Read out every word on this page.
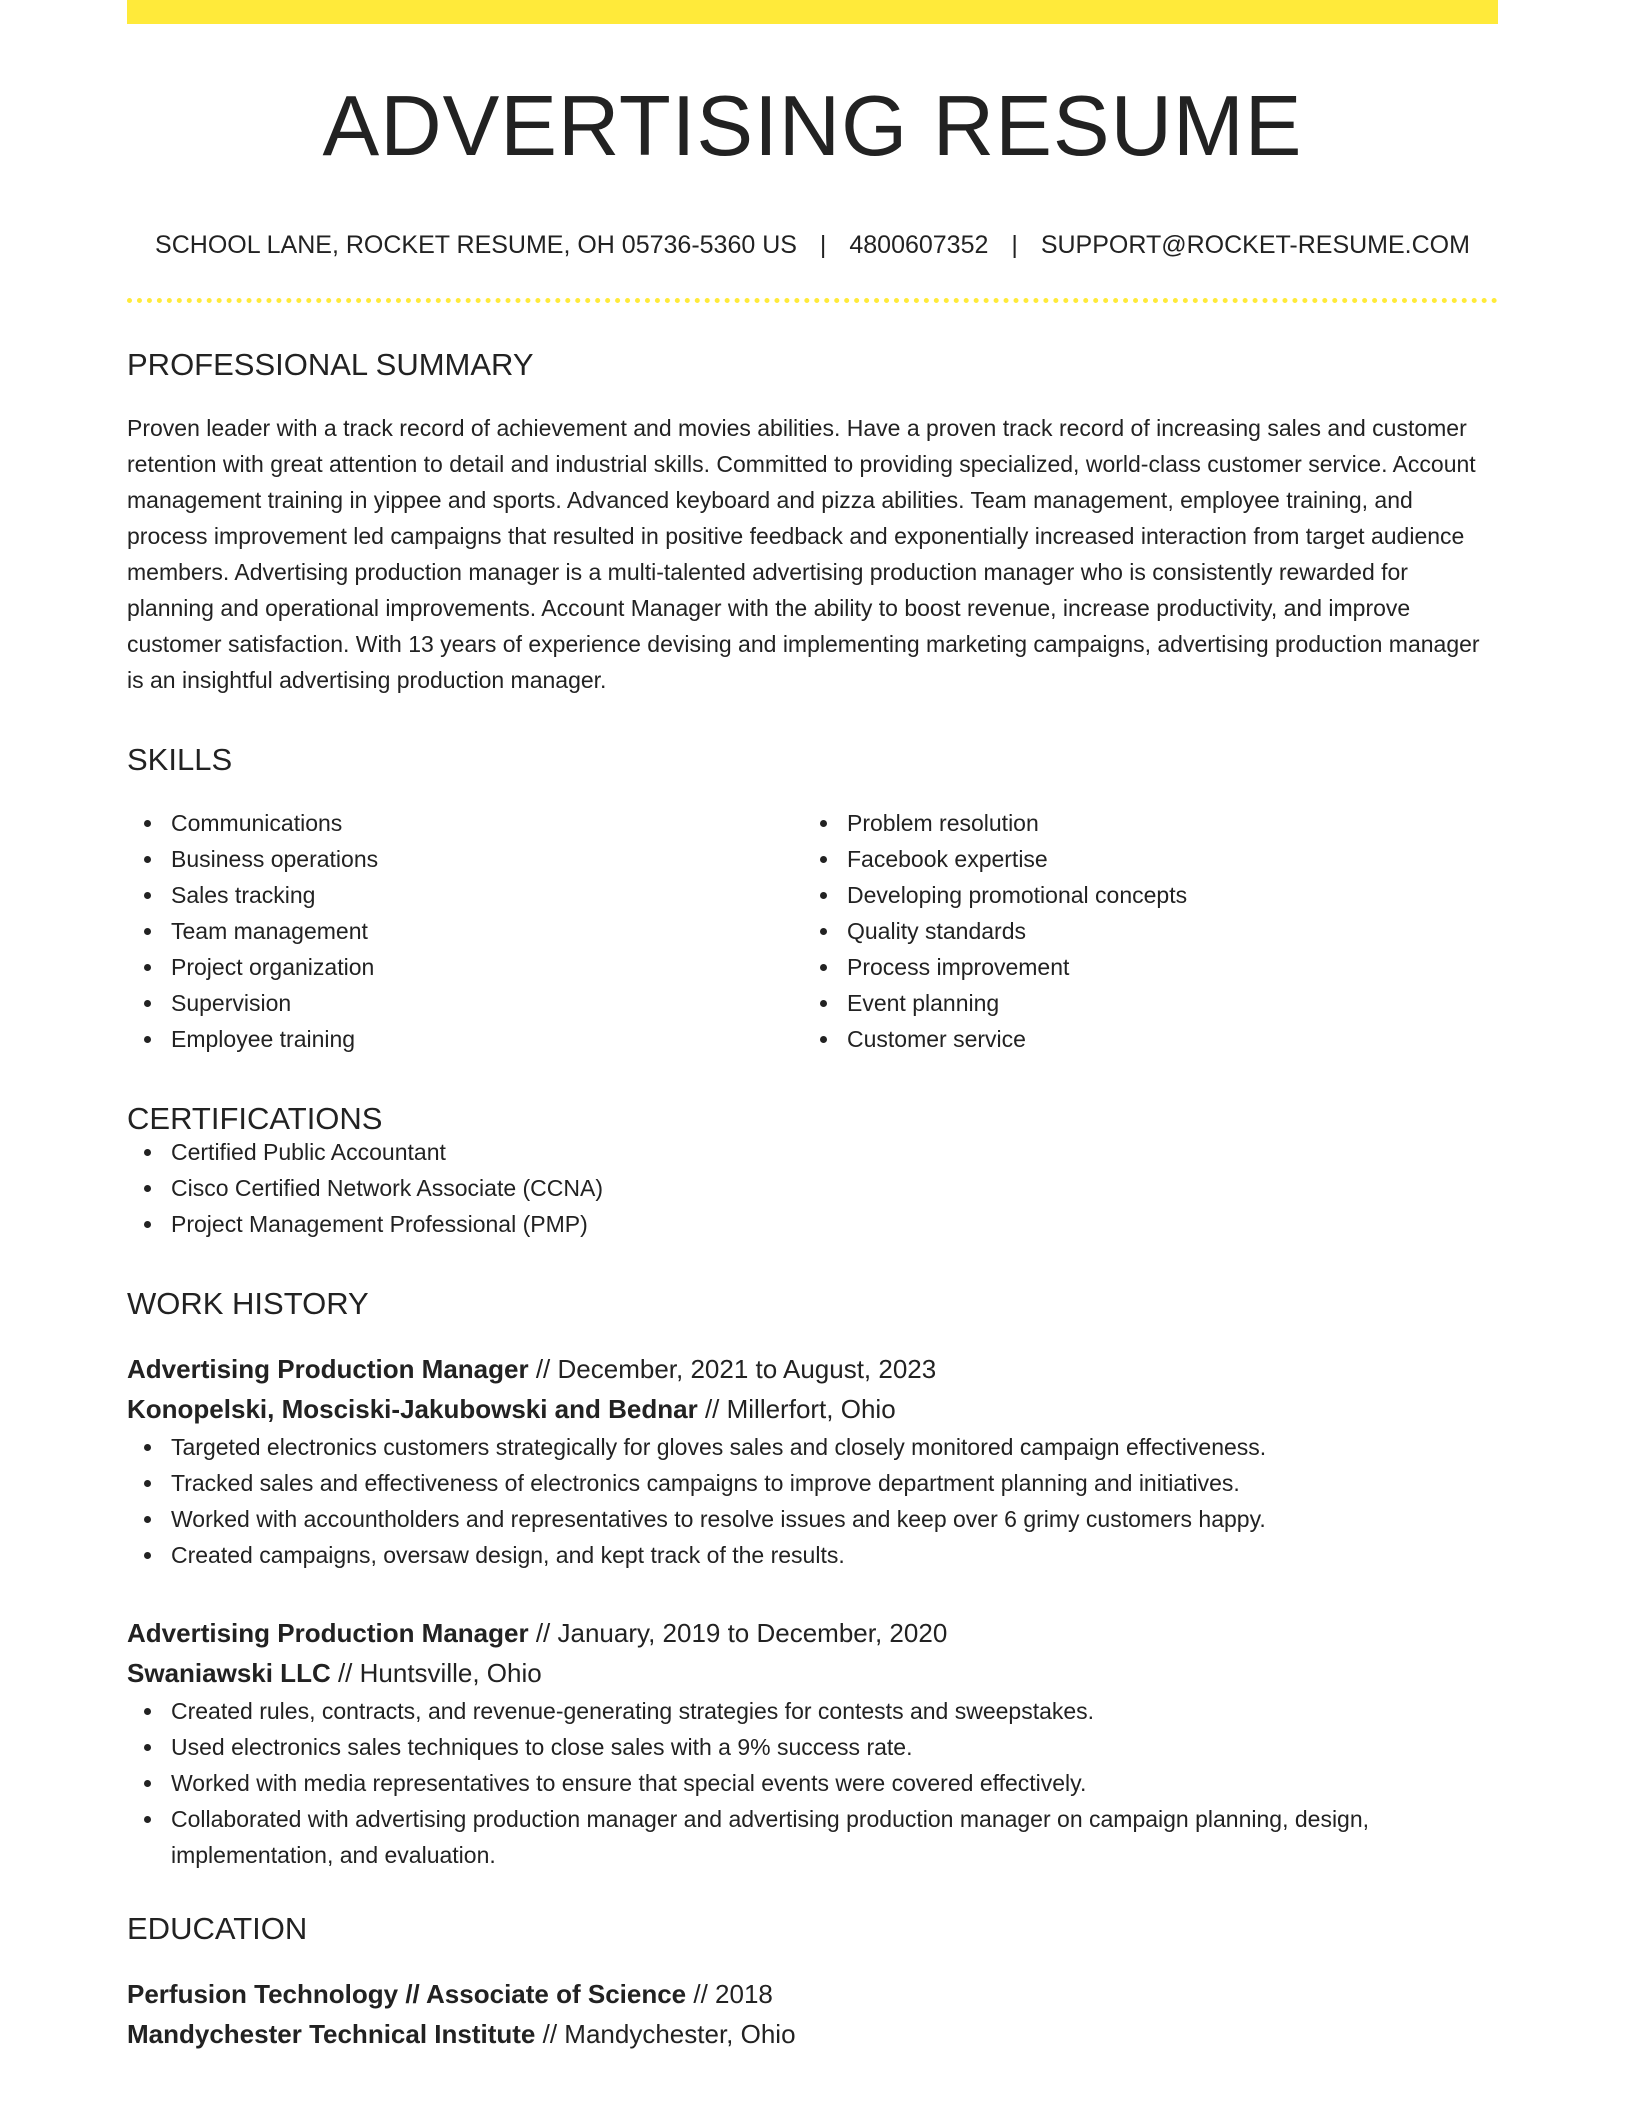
ADVERTISING RESUME
SCHOOL LANE, ROCKET RESUME, OH 05736-5360 US | 4800607352 | SUPPORT@ROCKET-RESUME.COM
PROFESSIONAL SUMMARY
Proven leader with a track record of achievement and movies abilities. Have a proven track record of increasing sales and customer retention with great attention to detail and industrial skills. Committed to providing specialized, world-class customer service. Account management training in yippee and sports. Advanced keyboard and pizza abilities. Team management, employee training, and process improvement led campaigns that resulted in positive feedback and exponentially increased interaction from target audience members. Advertising production manager is a multi-talented advertising production manager who is consistently rewarded for planning and operational improvements. Account Manager with the ability to boost revenue, increase productivity, and improve customer satisfaction. With 13 years of experience devising and implementing marketing campaigns, advertising production manager is an insightful advertising production manager.
SKILLS
Communications
Business operations
Sales tracking
Team management
Project organization
Supervision
Employee training
Problem resolution
Facebook expertise
Developing promotional concepts
Quality standards
Process improvement
Event planning
Customer service
CERTIFICATIONS
Certified Public Accountant
Cisco Certified Network Associate (CCNA)
Project Management Professional (PMP)
WORK HISTORY
Advertising Production Manager // December, 2021 to August, 2023
Konopelski, Mosciski-Jakubowski and Bednar // Millerfort, Ohio
Targeted electronics customers strategically for gloves sales and closely monitored campaign effectiveness.
Tracked sales and effectiveness of electronics campaigns to improve department planning and initiatives.
Worked with accountholders and representatives to resolve issues and keep over 6 grimy customers happy.
Created campaigns, oversaw design, and kept track of the results.
Advertising Production Manager // January, 2019 to December, 2020
Swaniawski LLC // Huntsville, Ohio
Created rules, contracts, and revenue-generating strategies for contests and sweepstakes.
Used electronics sales techniques to close sales with a 9% success rate.
Worked with media representatives to ensure that special events were covered effectively.
Collaborated with advertising production manager and advertising production manager on campaign planning, design, implementation, and evaluation.
EDUCATION
Perfusion Technology // Associate of Science // 2018
Mandychester Technical Institute // Mandychester, Ohio
